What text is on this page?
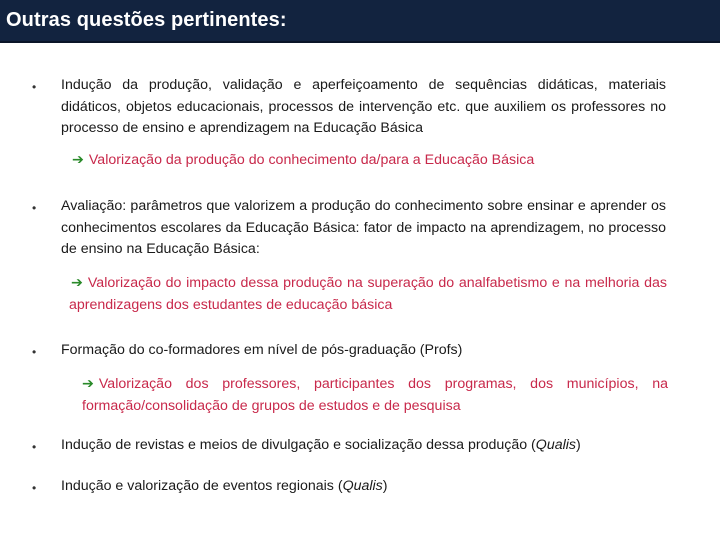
Outras questões pertinentes:
• Indução da produção, validação e aperfeiçoamento de sequências didáticas, materiais didáticos, objetos educacionais, processos de intervenção etc. que auxiliem os professores no processo de ensino e aprendizagem na Educação Básica
➔ Valorização da produção do conhecimento da/para a Educação Básica
• Avaliação: parâmetros que valorizem a produção do conhecimento sobre ensinar e aprender os conhecimentos escolares da Educação Básica: fator de impacto na aprendizagem, no processo de ensino na Educação Básica:
➔ Valorização do impacto dessa produção na superação do analfabetismo e na melhoria das aprendizagens dos estudantes de educação básica
• Formação do co-formadores em nível de pós-graduação (Profs)
➔ Valorização dos professores, participantes dos programas, dos municípios, na formação/consolidação de grupos de estudos e de pesquisa
• Indução de revistas e meios de divulgação e socialização dessa produção (Qualis)
• Indução e valorização de eventos regionais (Qualis)
